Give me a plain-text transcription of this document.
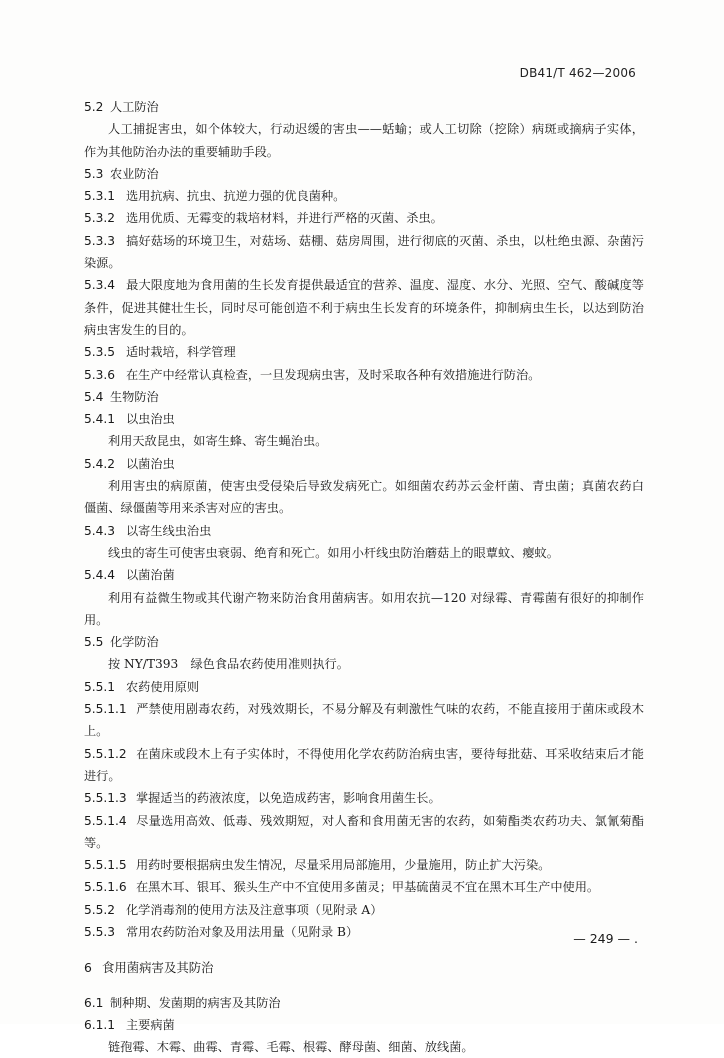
DB41/T 462—2006
5.2 人工防治
人工捕捉害虫，如个体较大，行动迟缓的害虫——蛞蝓；或人工切除（挖除）病斑或摘病子实体，作为其他防治办法的重要辅助手段。
5.3 农业防治
5.3.1 选用抗病、抗虫、抗逆力强的优良菌种。
5.3.2 选用优质、无霉变的栽培材料，并进行严格的灭菌、杀虫。
5.3.3 搞好菇场的环境卫生，对菇场、菇棚、菇房周围，进行彻底的灭菌、杀虫，以杜绝虫源、杂菌污染源。
5.3.4 最大限度地为食用菌的生长发育提供最适宜的营养、温度、湿度、水分、光照、空气、酸碱度等条件，促进其健壮生长，同时尽可能创造不利于病虫生长发育的环境条件，抑制病虫生长，以达到防治病虫害发生的目的。
5.3.5 适时栽培，科学管理
5.3.6 在生产中经常认真检查，一旦发现病虫害，及时采取各种有效措施进行防治。
5.4 生物防治
5.4.1 以虫治虫
利用天敌昆虫，如寄生蜂、寄生蝇治虫。
5.4.2 以菌治虫
利用害虫的病原菌，使害虫受侵染后导致发病死亡。如细菌农药苏云金杆菌、青虫菌；真菌农药白僵菌、绿僵菌等用来杀害对应的害虫。
5.4.3 以寄生线虫治虫
线虫的寄生可使害虫衰弱、绝育和死亡。如用小杆线虫防治蘑菇上的眼蕈蚊、瘿蚊。
5.4.4 以菌治菌
利用有益微生物或其代谢产物来防治食用菌病害。如用农抗—120 对绿霉、青霉菌有很好的抑制作用。
5.5 化学防治
按 NY/T393　绿色食品农药使用准则执行。
5.5.1 农药使用原则
5.5.1.1 严禁使用剧毒农药，对残效期长，不易分解及有刺激性气味的农药，不能直接用于菌床或段木上。
5.5.1.2 在菌床或段木上有子实体时，不得使用化学农药防治病虫害，要待每批菇、耳采收结束后才能进行。
5.5.1.3 掌握适当的药液浓度，以免造成药害，影响食用菌生长。
5.5.1.4 尽量选用高效、低毒、残效期短，对人畜和食用菌无害的农药，如菊酯类农药功夫、氯氰菊酯等。
5.5.1.5 用药时要根据病虫发生情况，尽量采用局部施用，少量施用，防止扩大污染。
5.5.1.6 在黑木耳、银耳、猴头生产中不宜使用多菌灵；甲基硫菌灵不宜在黑木耳生产中使用。
5.5.2 化学消毒剂的使用方法及注意事项（见附录 A）
5.5.3 常用农药防治对象及用法用量（见附录 B）
6 食用菌病害及其防治
6.1 制种期、发菌期的病害及其防治
6.1.1 主要病菌
链孢霉、木霉、曲霉、青霉、毛霉、根霉、酵母菌、细菌、放线菌。
— 249 — .
